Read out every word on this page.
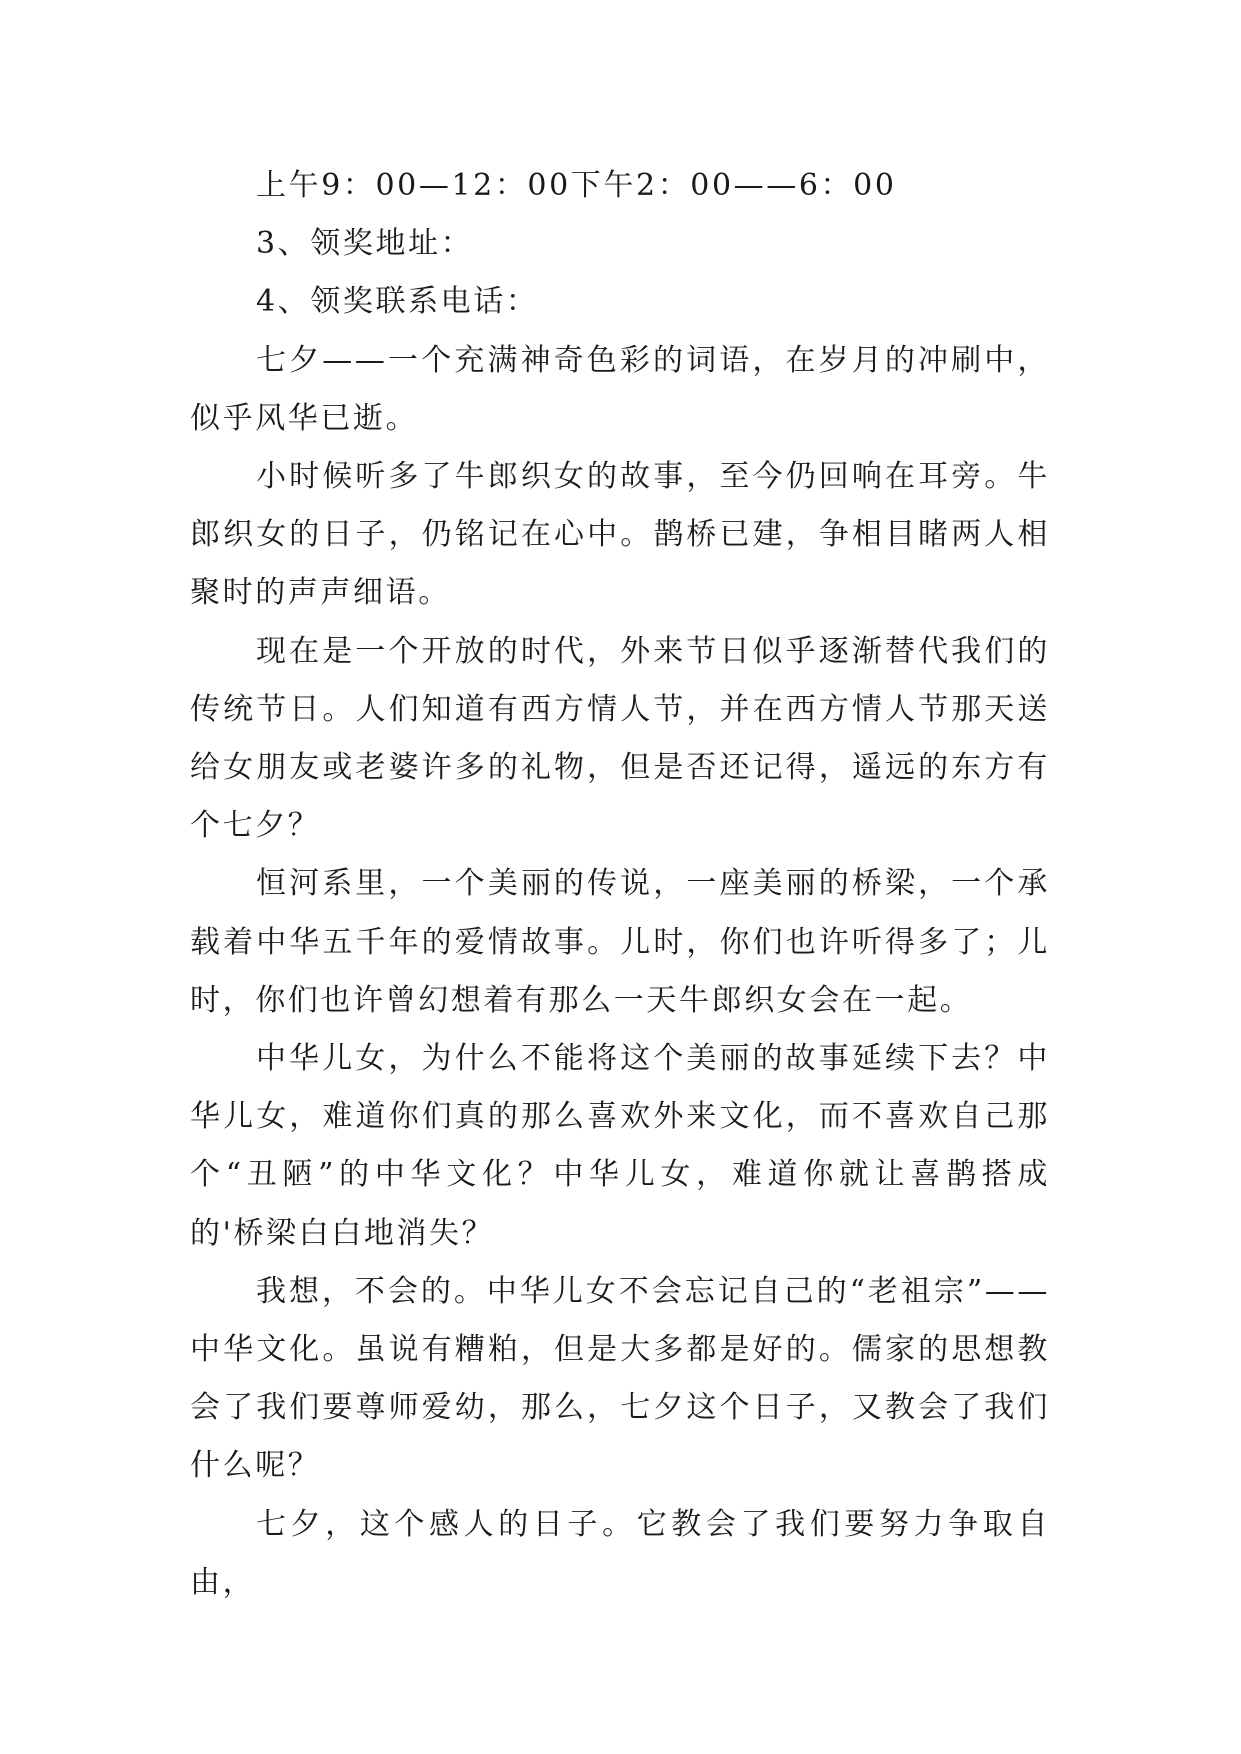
上午9：00—12：00下午2：00——6：00

3、领奖地址：

4、领奖联系电话：

七夕——一个充满神奇色彩的词语，在岁月的冲刷中，似乎风华已逝。

小时候听多了牛郎织女的故事，至今仍回响在耳旁。牛郎织女的日子，仍铭记在心中。鹊桥已建，争相目睹两人相聚时的声声细语。

现在是一个开放的时代，外来节日似乎逐渐替代我们的传统节日。人们知道有西方情人节，并在西方情人节那天送给女朋友或老婆许多的礼物，但是否还记得，遥远的东方有个七夕？

恒河系里，一个美丽的传说，一座美丽的桥梁，一个承载着中华五千年的爱情故事。儿时，你们也许听得多了；儿时，你们也许曾幻想着有那么一天牛郎织女会在一起。

中华儿女，为什么不能将这个美丽的故事延续下去？中华儿女，难道你们真的那么喜欢外来文化，而不喜欢自己那个“丑陋”的中华文化？中华儿女，难道你就让喜鹊搭成的'桥梁白白地消失？

我想，不会的。中华儿女不会忘记自己的“老祖宗”——中华文化。虽说有糟粕，但是大多都是好的。儒家的思想教会了我们要尊师爱幼，那么，七夕这个日子，又教会了我们什么呢？

七夕，这个感人的日子。它教会了我们要努力争取自由，
